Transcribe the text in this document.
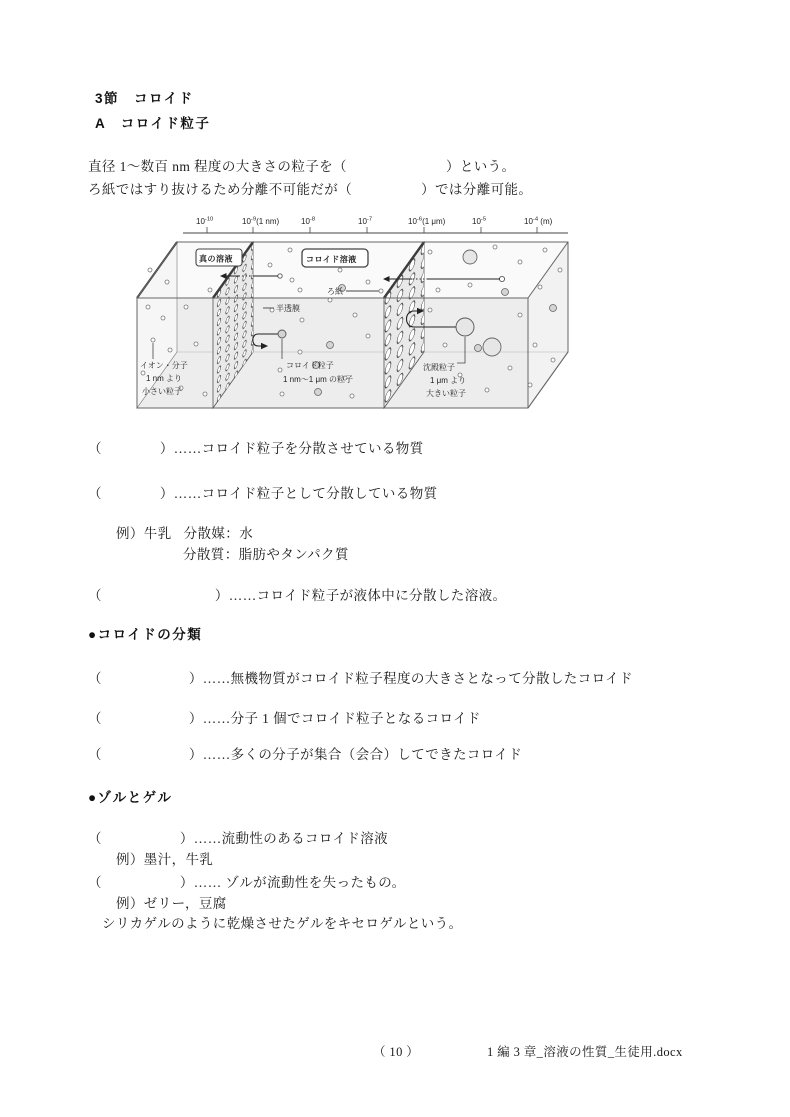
3節　コロイド
A　コロイド粒子
直径 1～数百 nm 程度の大きさの粒子を（	）という。
ろ紙ではすり抜けるため分離不可能だが（	）では分離可能。
$10^{-10}$	$10^{-9}(1$ nm)	$10^{-8}$	$10^{-7}$	$10^{-6}(1$ μm)	$10^{-5}$	$10^{-4}$ (m)
真の溶液	コロイド溶液
ろ紙
半透膜
イオン・分子
1 nm より
小さい粒子
コロイド粒子
1 nm～1 μm の粒子
沈殿粒子
1 μm より
大きい粒子
（	）……コロイド粒子を分散させている物質
（	）……コロイド粒子として分散している物質
例）牛乳 分散媒：水
分散質：脂肪やタンパク質
（	）……コロイド粒子が液体中に分散した溶液。
●コロイドの分類
（	）……無機物質がコロイド粒子程度の大きさとなって分散したコロイド
（	）……分子 1 個でコロイド粒子となるコロイド
（	）……多くの分子が集合（会合）してできたコロイド
●ゾルとゲル
（	）……流動性のあるコロイド溶液
例）墨汁，牛乳
（	）…… ゾルが流動性を失ったもの。
例）ゼリー，豆腐
シリカゲルのように乾燥させたゲルをキセロゲルという。
（ 10 ）	1 編 3 章_溶液の性質_生徒用.docx
